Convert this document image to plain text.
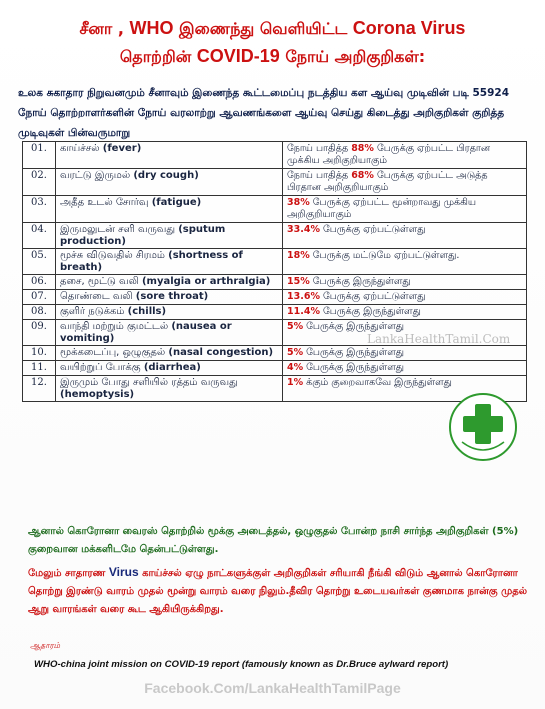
சீனா , WHO இணைந்து வெளியிட்ட Corona Virus
தொற்றின் COVID-19 நோய் அறிகுறிகள்:
உலக சுகாதார நிறுவனமும் சீனாவும் இணைந்த கூட்டமைப்பு நடத்திய கள ஆய்வு முடிவின் படி 55924 நோய் தொற்றாளர்களின் நோய் வரலாற்று ஆவணங்களை ஆய்வு செய்து கிடைத்து அறிகுறிகள் குறித்த முடிவுகள் பின்வருமாறு
01.	காய்ச்சல் (fever)	நோய் பாதித்த 88% பேருக்கு ஏற்பட்ட பிரதான முக்கிய அறிகுறியாகும்
02.	வரட்டு இருமல் (dry cough)	நோய் பாதித்த 68% பேருக்கு ஏற்பட்ட அடுத்த பிரதான அறிகுறியாகும்
03.	அதீத உடல் சோர்வு (fatigue)	38% பேருக்கு ஏற்பட்ட மூன்றாவது முக்கிய அறிகுறியாகும்
04.	இருமலுடன் சளி வருவது (sputum production)	33.4% பேருக்கு ஏற்பட்டுள்ளது
05.	மூச்சு விடுவதில் சிரமம் (shortness of breath)	18% பேருக்கு மட்டுமே ஏற்பட்டுள்ளது.
06.	தசை, மூட்டு வலி (myalgia or arthralgia)	15% பேருக்கு இருந்துள்ளது
07.	தொண்டை வலி (sore throat)	13.6% பேருக்கு ஏற்பட்டுள்ளது
08.	குளிர் நடுக்கம் (chills)	11.4% பேருக்கு இருந்துள்ளது
09.	வாந்தி மற்றும் குமட்டல் (nausea or vomiting)	5% பேருக்கு இருந்துள்ளது
10.	மூக்கடைப்பு, ஒழுகுதல் (nasal congestion)	5% பேருக்கு இருந்துள்ளது
11.	வயிற்றுப் போக்கு (diarrhea)	4% பேருக்கு இருந்துள்ளது
12.	இருமும் போது சளியில் ரத்தம் வருவது (hemoptysis)	1% க்கும் குறைவாகவே இருந்துள்ளது
LankaHealthTamil.Com
ஆனால் கொரோனா வைரஸ் தொற்றில் மூக்கு அடைத்தல், ஒழுகுதல் போன்ற நாசி சார்ந்த அறிகுறிகள் (5%) குறைவான மக்களிடமே தென்பட்டுள்ளது.
மேலும் சாதாரண Virus காய்ச்சல் ஏழு நாட்களுக்குள் அறிகுறிகள் சரியாகி நீங்கி விடும் ஆனால் கொரோனா தொற்று இரண்டு வாரம் முதல் மூன்று வாரம் வரை நிலும்.தீவிர தொற்று உடையவர்கள் குணமாக நான்கு முதல் ஆறு வாரங்கள் வரை கூட ஆகியிருக்கிறது.
ஆதாரம்
WHO-china joint mission on COVID-19 report (famously known as Dr.Bruce aylward report)
Facebook.Com/LankaHealthTamilPage
